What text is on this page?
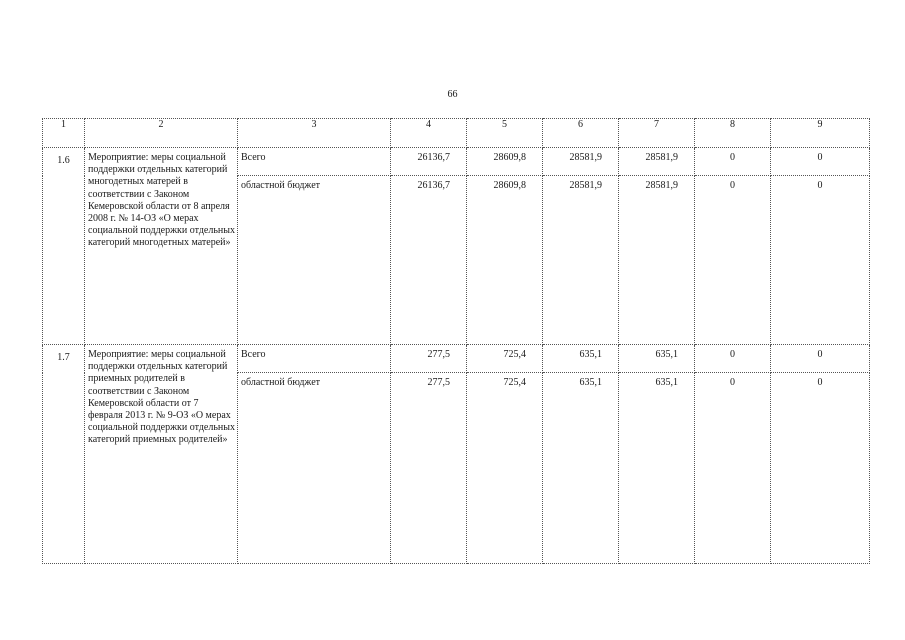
66
1	2	3	4	5	6	7	8	9
1.6	Мероприятие: меры социальной поддержки отдельных категорий многодетных матерей в соответствии с Законом Кемеровской области от 8 апреля 2008 г. № 14-ОЗ «О мерах социальной поддержки отдельных категорий многодетных матерей»	Всего	26136,7	28609,8	28581,9	28581,9	0	0
		областной бюджет	26136,7	28609,8	28581,9	28581,9	0	0
1.7	Мероприятие: меры социальной поддержки отдельных категорий приемных родителей в соответствии с Законом Кемеровской области от 7 февраля 2013 г. № 9-ОЗ «О мерах социальной поддержки отдельных категорий приемных родителей»	Всего	277,5	725,4	635,1	635,1	0	0
		областной бюджет	277,5	725,4	635,1	635,1	0	0
